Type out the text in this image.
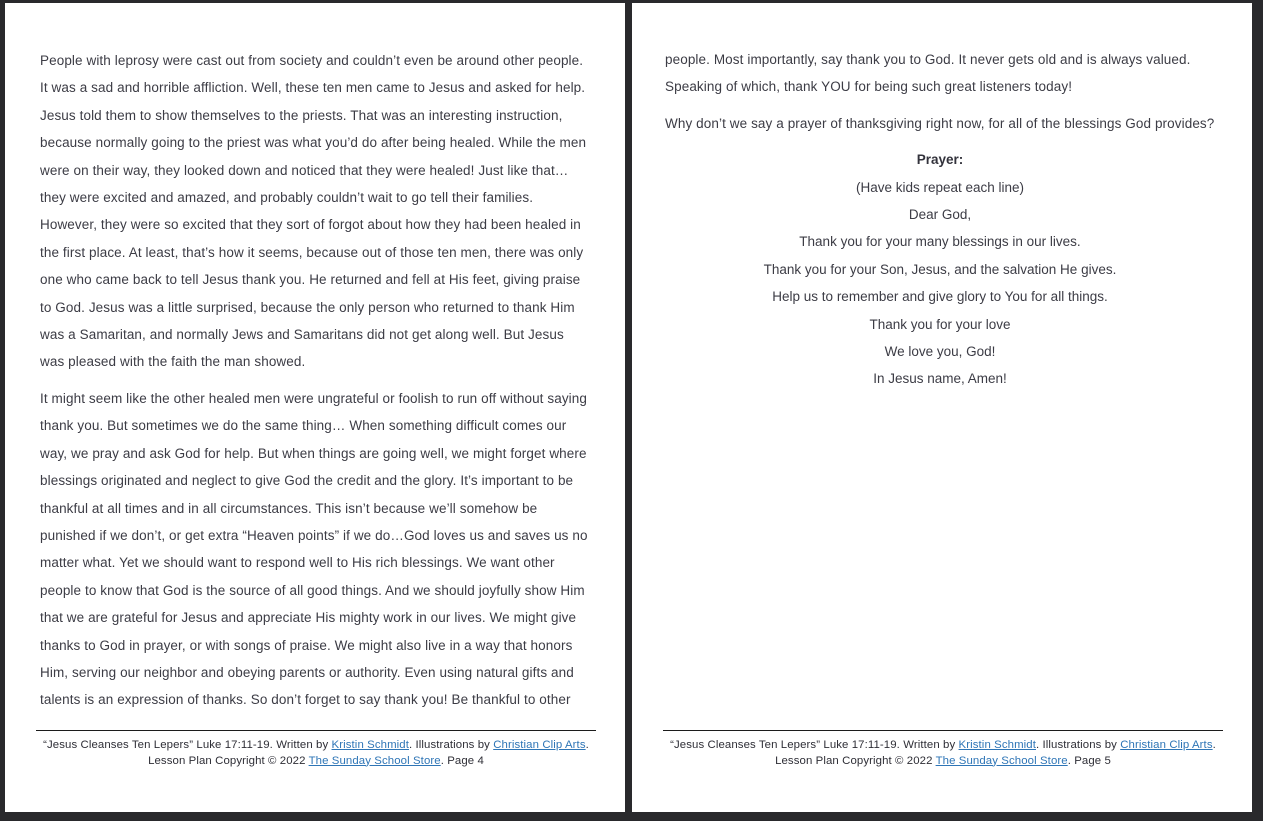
People with leprosy were cast out from society and couldn’t even be around other people. It was a sad and horrible affliction. Well, these ten men came to Jesus and asked for help. Jesus told them to show themselves to the priests. That was an interesting instruction, because normally going to the priest was what you’d do after being healed. While the men were on their way, they looked down and noticed that they were healed! Just like that…they were excited and amazed, and probably couldn’t wait to go tell their families. However, they were so excited that they sort of forgot about how they had been healed in the first place. At least, that’s how it seems, because out of those ten men, there was only one who came back to tell Jesus thank you. He returned and fell at His feet, giving praise to God. Jesus was a little surprised, because the only person who returned to thank Him was a Samaritan, and normally Jews and Samaritans did not get along well. But Jesus was pleased with the faith the man showed.

It might seem like the other healed men were ungrateful or foolish to run off without saying thank you. But sometimes we do the same thing… When something difficult comes our way, we pray and ask God for help. But when things are going well, we might forget where blessings originated and neglect to give God the credit and the glory. It’s important to be thankful at all times and in all circumstances. This isn’t because we’ll somehow be punished if we don’t, or get extra “Heaven points” if we do…God loves us and saves us no matter what. Yet we should want to respond well to His rich blessings. We want other people to know that God is the source of all good things. And we should joyfully show Him that we are grateful for Jesus and appreciate His mighty work in our lives. We might give thanks to God in prayer, or with songs of praise. We might also live in a way that honors Him, serving our neighbor and obeying parents or authority. Even using natural gifts and talents is an expression of thanks. So don’t forget to say thank you! Be thankful to other

“Jesus Cleanses Ten Lepers” Luke 17:11-19. Written by Kristin Schmidt. Illustrations by Christian Clip Arts.
Lesson Plan Copyright © 2022 The Sunday School Store. Page 4

people. Most importantly, say thank you to God. It never gets old and is always valued. Speaking of which, thank YOU for being such great listeners today!

Why don’t we say a prayer of thanksgiving right now, for all of the blessings God provides?

Prayer:
(Have kids repeat each line)
Dear God,
Thank you for your many blessings in our lives.
Thank you for your Son, Jesus, and the salvation He gives.
Help us to remember and give glory to You for all things.
Thank you for your love
We love you, God!
In Jesus name, Amen!
“Jesus Cleanses Ten Lepers” Luke 17:11-19. Written by Kristin Schmidt. Illustrations by Christian Clip Arts.
Lesson Plan Copyright © 2022 The Sunday School Store. Page 5
